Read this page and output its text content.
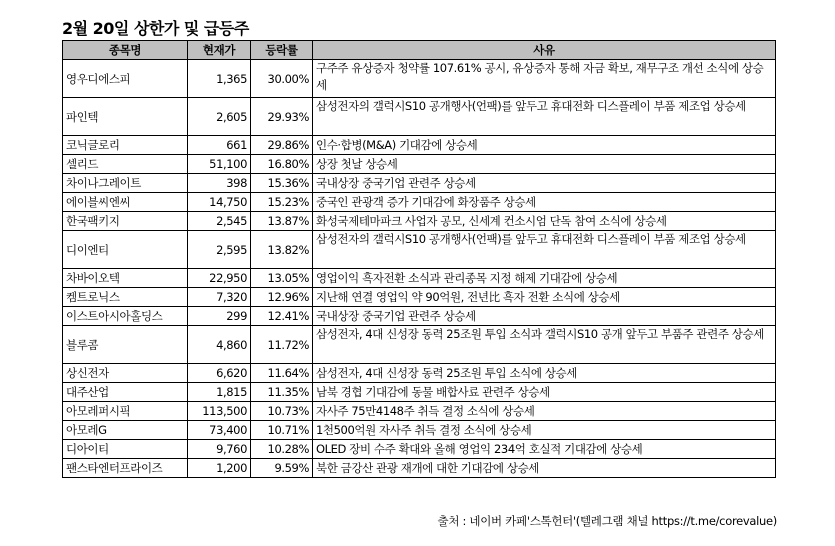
2월 20일 상한가 및 급등주
종목명	현재가	등락률	사유
영우디에스피	1,365	30.00%	구주주 유상증자 청약률 107.61% 공시, 유상증자 통해 자금 확보, 재무구조 개선 소식에 상승세
파인텍	2,605	29.93%	삼성전자의 갤럭시S10 공개행사(언팩)를 앞두고 휴대전화 디스플레이 부품 제조업 상승세
코닉글로리	661	29.86%	인수·합병(M&A) 기대감에 상승세
셀리드	51,100	16.80%	상장 첫날 상승세
차이나그레이트	398	15.36%	국내상장 중국기업 관련주 상승세
에이블씨엔씨	14,750	15.23%	중국인 관광객 증가 기대감에 화장품주 상승세
한국팩키지	2,545	13.87%	화성국제테마파크 사업자 공모, 신세계 컨소시엄 단독 참여 소식에 상승세
디이엔티	2,595	13.82%	삼성전자의 갤럭시S10 공개행사(언팩)를 앞두고 휴대전화 디스플레이 부품 제조업 상승세
차바이오텍	22,950	13.05%	영업이익 흑자전환 소식과 관리종목 지정 해제 기대감에 상승세
켐트로닉스	7,320	12.96%	지난해 연결 영업익 약 90억원, 전년比 흑자 전환 소식에 상승세
이스트아시아홀딩스	299	12.41%	국내상장 중국기업 관련주 상승세
블루콤	4,860	11.72%	삼성전자, 4대 신성장 동력 25조원 투입 소식과 갤럭시S10 공개 앞두고 부품주 관련주 상승세
상신전자	6,620	11.64%	삼성전자, 4대 신성장 동력 25조원 투입 소식에 상승세
대주산업	1,815	11.35%	남북 경협 기대감에 동물 배합사료 관련주 상승세
아모레퍼시픽	113,500	10.73%	자사주 75만4148주 취득 결정 소식에 상승세
아모레G	73,400	10.71%	1천500억원 자사주 취득 결정 소식에 상승세
디아이티	9,760	10.28%	OLED 장비 수주 확대와 올해 영업익 234억 호실적 기대감에 상승세
팬스타엔터프라이즈	1,200	9.59%	북한 금강산 관광 재개에 대한 기대감에 상승세
출처 : 네이버 카페'스톡헌터'(텔레그램 채널 https://t.me/corevalue)
